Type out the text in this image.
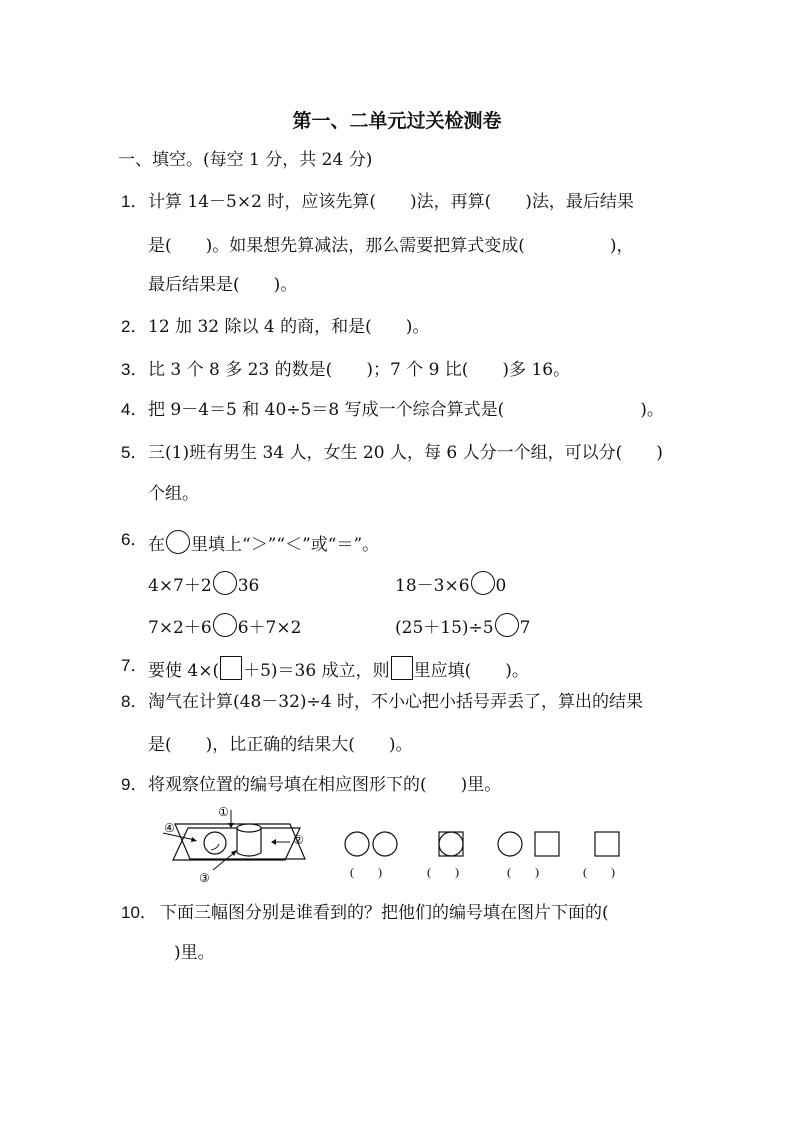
第一、二单元过关检测卷
一、填空。(每空 1 分，共 24 分)
1． 计算 14－5×2 时，应该先算(　　)法，再算(　　)法，最后结果
是(　　)。如果想先算减法，那么需要把算式变成(　　　　　)，
最后结果是(　　)。
2． 12 加 32 除以 4 的商，和是(　　)。
3． 比 3 个 8 多 23 的数是(　　)；7 个 9 比(　　)多 16。
4． 把 9－4＝5 和 40÷5＝8 写成一个综合算式是(　　　　　　　　)。
5． 三(1)班有男生 34 人，女生 20 人，每 6 人分一个组，可以分(　　)
个组。
6． 在 里填上“＞”“＜”或“＝”。
4×7＋2 36	18－3×6 0
7×2＋6 6＋7×2	(25＋15)÷5 7
7． 要使 4×( ＋5)＝36 成立，则 里应填(　　)。
8． 淘气在计算(48－32)÷4 时，不小心把小括号弄丢了，算出的结果
是(　　)，比正确的结果大(　　)。
9． 将观察位置的编号填在相应图形下的(　　)里。
①
②
③
④
(　　)	(　　)	(　　)	(　　)
10． 下面三幅图分别是谁看到的？把他们的编号填在图片下面的(
)里。
